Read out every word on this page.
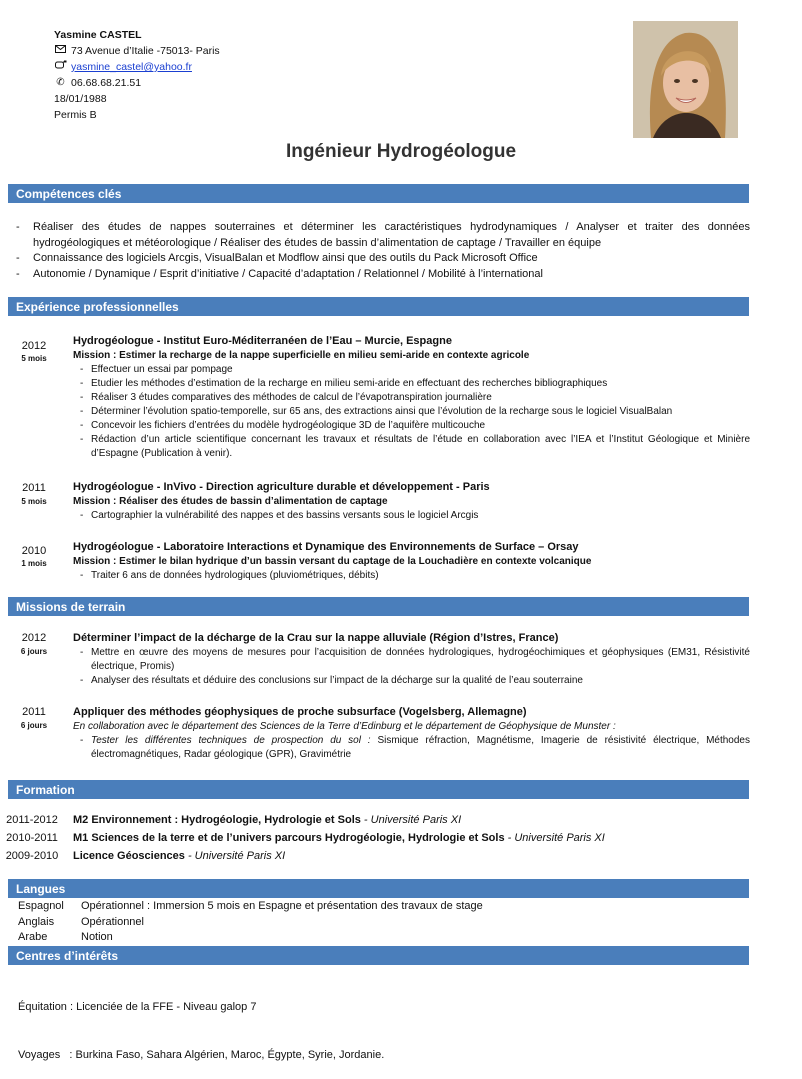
Yasmine CASTEL
73 Avenue d’Italie -75013- Paris
yasmine_castel@yahoo.fr
✆ 06.68.68.21.51
18/01/1988
Permis B
Ingénieur Hydrogéologue
Compétences clés
- Réaliser des études de nappes souterraines et déterminer les caractéristiques hydrodynamiques / Analyser et traiter des données hydrogéologiques et météorologique / Réaliser des études de bassin d’alimentation de captage / Travailler en équipe
- Connaissance des logiciels Arcgis, VisualBalan et Modflow ainsi que des outils du Pack Microsoft Office
- Autonomie / Dynamique / Esprit d’initiative / Capacité d’adaptation / Relationnel / Mobilité à l’international
Expérience professionnelles
2012
5 mois
Hydrogéologue - Institut Euro-Méditerranéen de l’Eau – Murcie, Espagne
Mission : Estimer la recharge de la nappe superficielle en milieu semi-aride en contexte agricole
- Effectuer un essai par pompage
- Etudier les méthodes d’estimation de la recharge en milieu semi-aride en effectuant des recherches bibliographiques
- Réaliser 3 études comparatives des méthodes de calcul de l’évapotranspiration journalière
- Déterminer l’évolution spatio-temporelle, sur 65 ans, des extractions ainsi que l’évolution de la recharge sous le logiciel VisualBalan
- Concevoir les fichiers d’entrées du modèle hydrogéologique 3D de l’aquifère multicouche
- Rédaction d’un article scientifique concernant les travaux et résultats de l’étude en collaboration avec l’IEA et l’Institut Géologique et Minière d’Espagne (Publication à venir).
2011
5 mois
Hydrogéologue - InVivo - Direction agriculture durable et développement - Paris
Mission : Réaliser des études de bassin d’alimentation de captage
- Cartographier la vulnérabilité des nappes et des bassins versants sous le logiciel Arcgis
2010
1 mois
Hydrogéologue - Laboratoire Interactions et Dynamique des Environnements de Surface – Orsay
Mission : Estimer le bilan hydrique d’un bassin versant du captage de la Louchadière en contexte volcanique
- Traiter 6 ans de données hydrologiques (pluviométriques, débits)
Missions de terrain
2012
6 jours
Déterminer l’impact de la décharge de la Crau sur la nappe alluviale (Région d’Istres, France)
- Mettre en œuvre des moyens de mesures pour l’acquisition de données hydrologiques, hydrogéochimiques et géophysiques (EM31, Résistivité électrique, Promis)
- Analyser des résultats et déduire des conclusions sur l’impact de la décharge sur la qualité de l’eau souterraine
2011
6 jours
Appliquer des méthodes géophysiques de proche subsurface (Vogelsberg, Allemagne)
En collaboration avec le département des Sciences de la Terre d’Edinburg et le département de Géophysique de Munster :
- Tester les différentes techniques de prospection du sol : Sismique réfraction, Magnétisme, Imagerie de résistivité électrique, Méthodes électromagnétiques, Radar géologique (GPR), Gravimétrie
Formation
2011-2012 M2 Environnement : Hydrogéologie, Hydrologie et Sols - Université Paris XI
2010-2011 M1 Sciences de la terre et de l’univers parcours Hydrogéologie, Hydrologie et Sols - Université Paris XI
2009-2010 Licence Géosciences - Université Paris XI
Langues
Espagnol Opérationnel : Immersion 5 mois en Espagne et présentation des travaux de stage
Anglais Opérationnel
Arabe	Notion
Centres d’intérêts

Équitation : Licenciée de la FFE - Niveau galop 7

Voyages   : Burkina Faso, Sahara Algérien, Maroc, Égypte, Syrie, Jordanie.
